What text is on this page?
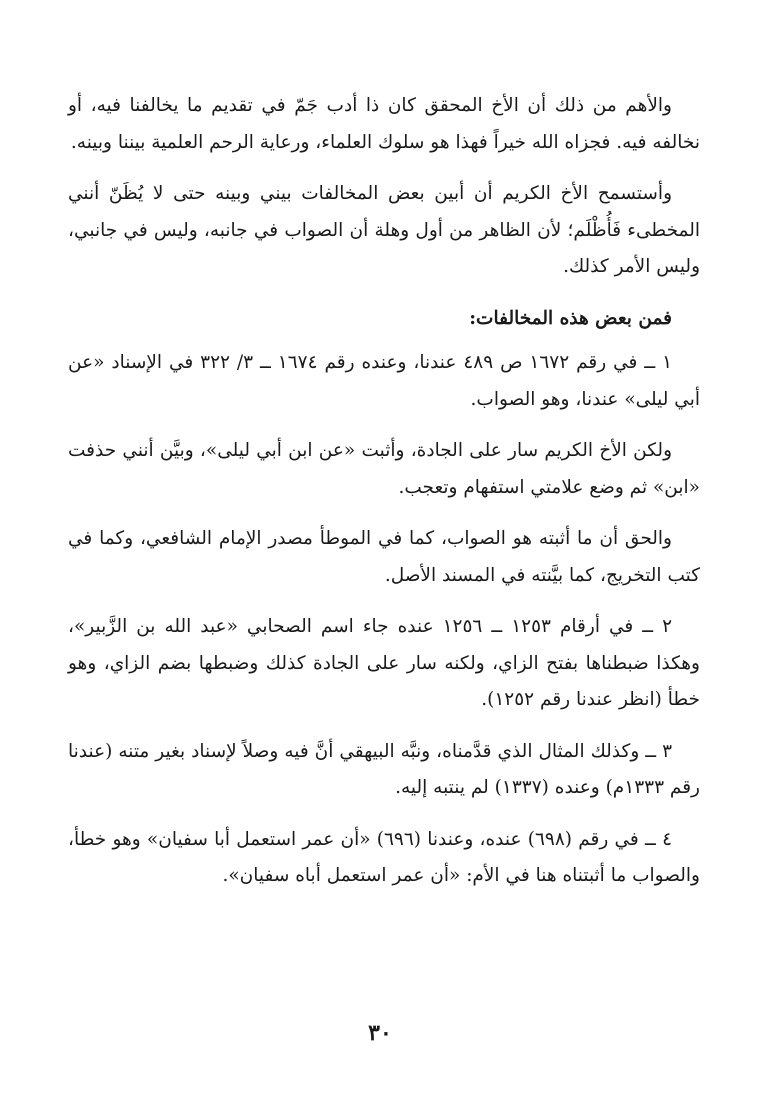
والأهم من ذلك أن الأخ المحقق كان ذا أدب جَمّ في تقديم ما يخالفنا فيه، أو نخالفه فيه. فجزاه الله خيراً فهذا هو سلوك العلماء، ورعاية الرحم العلمية بيننا وبينه.

وأستسمح الأخ الكريم أن أبين بعض المخالفات بيني وبينه حتى لا يُظَنّ أنني المخطىء فَأُظْلَم؛ لأن الظاهر من أول وهلة أن الصواب في جانبه، وليس في جانبي، وليس الأمر كذلك.

فمن بعض هذه المخالفات:

١ ــ في رقم ١٦٧٢ ص ٤٨٩ عندنا، وعنده رقم ١٦٧٤ ــ ٣/ ٣٢٢ في الإسناد «عن أبي ليلى» عندنا، وهو الصواب.

ولكن الأخ الكريم سار على الجادة، وأثبت «عن ابن أبي ليلى»، وبيَّن أنني حذفت «ابن» ثم وضع علامتي استفهام وتعجب.

والحق أن ما أثبته هو الصواب، كما في الموطأ مصدر الإمام الشافعي، وكما في كتب التخريج، كما بيَّنته في المسند الأصل.

٢ ــ في أرقام ١٢٥٣ ــ ١٢٥٦ عنده جاء اسم الصحابي «عبد الله بن الزَّبير»، وهكذا ضبطناها بفتح الزاي، ولكنه سار على الجادة كذلك وضبطها بضم الزاي، وهو خطأ (انظر عندنا رقم ١٢٥٢).

٣ ــ وكذلك المثال الذي قدَّمناه، ونبَّه البيهقي أنَّ فيه وصلاً لإسناد بغير متنه (عندنا رقم ١٣٣٣م) وعنده (١٣٣٧) لم ينتبه إليه.

٤ ــ في رقم (٦٩٨) عنده، وعندنا (٦٩٦) «أن عمر استعمل أبا سفيان» وهو خطأ، والصواب ما أثبتناه هنا في الأم: «أن عمر استعمل أباه سفيان».

٣٠
